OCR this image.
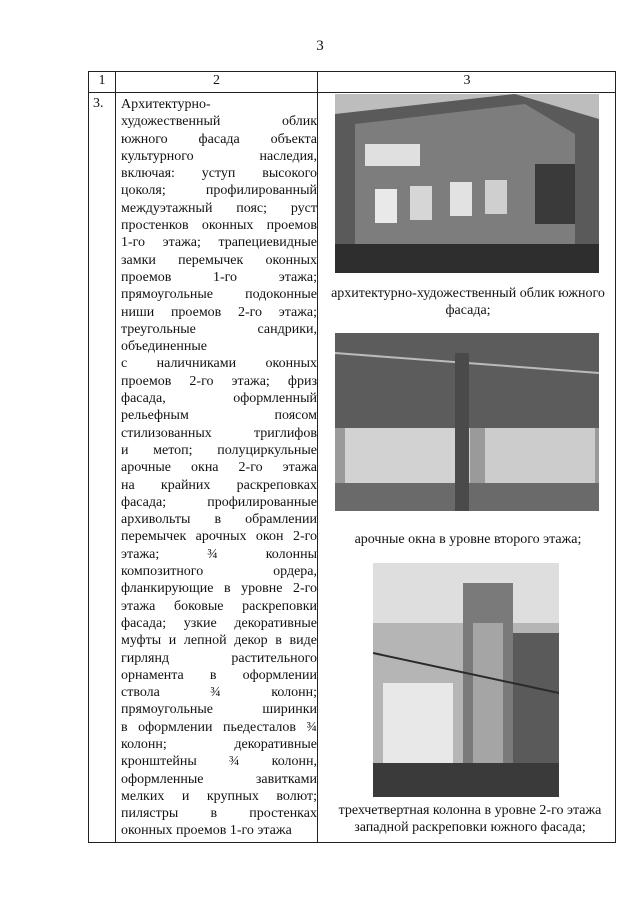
3
1	2	3
3. Архитектурно-
художественный облик
южного фасада объекта
культурного наследия,
включая: уступ высокого
цоколя; профилированный
междуэтажный пояс; руст
простенков оконных проемов
1-го этажа; трапециевидные
замки перемычек оконных
проемов 1-го этажа;
прямоугольные подоконные
ниши проемов 2-го этажа;
треугольные сандрики,
объединенные
с наличниками оконных
проемов 2-го этажа; фриз
фасада, оформленный
рельефным поясом
стилизованных триглифов
и метоп; полуциркульные
арочные окна 2-го этажа
на крайних раскреповках
фасада; профилированные
архивольты в обрамлении
перемычек арочных окон 2-го
этажа; ¾ колонны
композитного ордера,
фланкирующие в уровне 2-го
этажа боковые раскреповки
фасада; узкие декоративные
муфты и лепной декор в виде
гирлянд растительного
орнамента в оформлении
ствола ¾ колонн;
прямоугольные ширинки
в оформлении пьедесталов ¾
колонн; декоративные
кронштейны ¾ колонн,
оформленные завитками
мелких и крупных волют;
пилястры в простенках
оконных проемов 1-го этажа
архитектурно-художественный облик южного фасада;
арочные окна в уровне второго этажа;
трехчетвертная колонна в уровне 2-го этажа западной раскреповки южного фасада;
